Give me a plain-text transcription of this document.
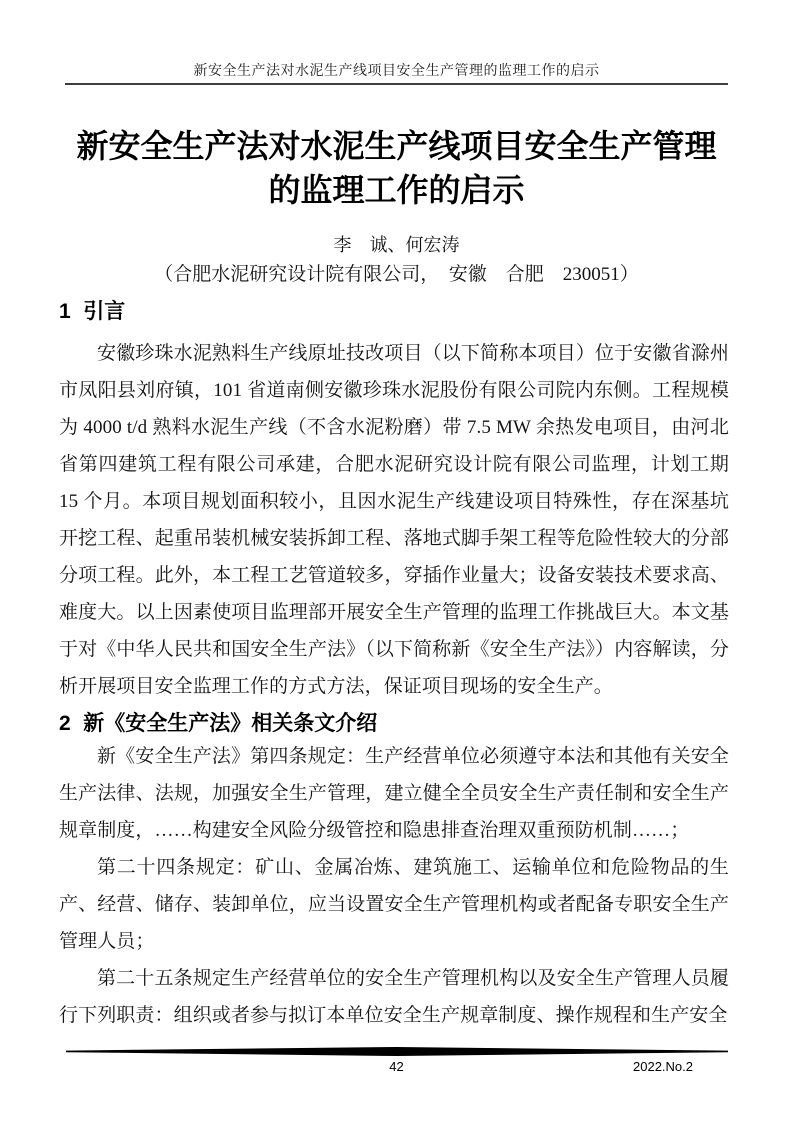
新安全生产法对水泥生产线项目安全生产管理的监理工作的启示
新安全生产法对水泥生产线项目安全生产管理
的监理工作的启示
李　诚、何宏涛
（合肥水泥研究设计院有限公司，　安徽　合肥　230051）
1 引言

安徽珍珠水泥熟料生产线原址技改项目（以下简称本项目）位于安徽省滁州市凤阳县刘府镇，101 省道南侧安徽珍珠水泥股份有限公司院内东侧。工程规模为 4000 t/d 熟料水泥生产线（不含水泥粉磨）带 7.5 MW 余热发电项目，由河北省第四建筑工程有限公司承建，合肥水泥研究设计院有限公司监理，计划工期 15 个月。本项目规划面积较小，且因水泥生产线建设项目特殊性，存在深基坑开挖工程、起重吊装机械安装拆卸工程、落地式脚手架工程等危险性较大的分部分项工程。此外，本工程工艺管道较多，穿插作业量大；设备安装技术要求高、难度大。以上因素使项目监理部开展安全生产管理的监理工作挑战巨大。本文基于对《中华人民共和国安全生产法》（以下简称新《安全生产法》）内容解读，分析开展项目安全监理工作的方式方法，保证项目现场的安全生产。

2 新《安全生产法》相关条文介绍

新《安全生产法》第四条规定：生产经营单位必须遵守本法和其他有关安全生产法律、法规，加强安全生产管理，建立健全全员安全生产责任制和安全生产规章制度，……构建安全风险分级管控和隐患排查治理双重预防机制……；

第二十四条规定：矿山、金属冶炼、建筑施工、运输单位和危险物品的生产、经营、储存、装卸单位，应当设置安全生产管理机构或者配备专职安全生产管理人员；

第二十五条规定生产经营单位的安全生产管理机构以及安全生产管理人员履行下列职责：组织或者参与拟订本单位安全生产规章制度、操作规程和生产安全

42	2022.No.2
